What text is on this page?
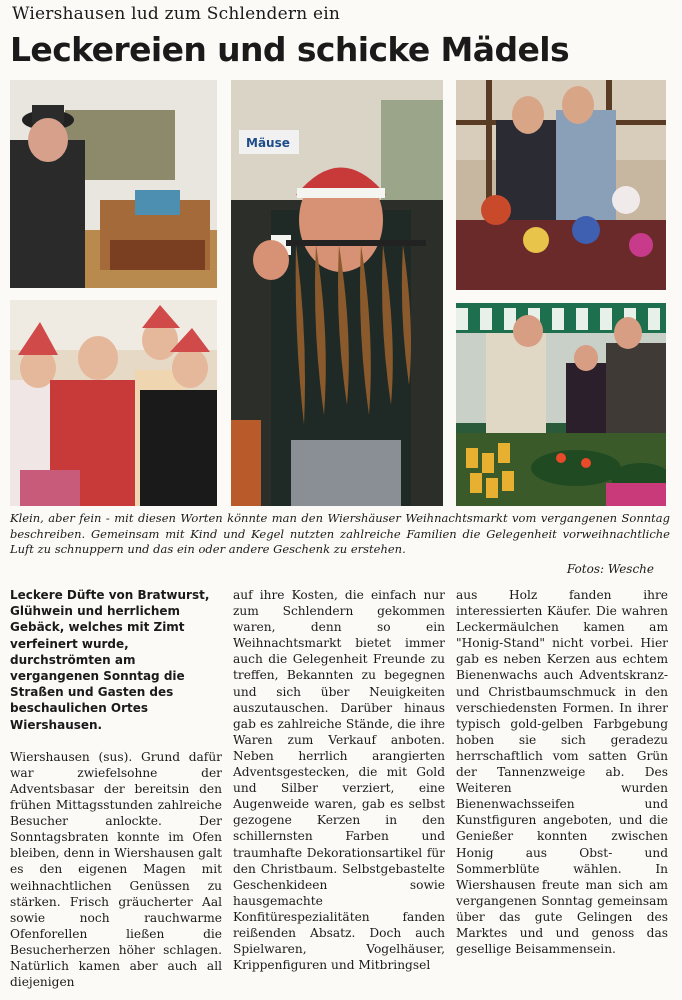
Wiershausen lud zum Schlendern ein
Leckereien und schicke Mädels
Mäuse
Klein, aber fein - mit diesen Worten könnte man den Wiershäuser Weihnachtsmarkt vom vergangenen Sonntag beschreiben. Gemeinsam mit Kind und Kegel nutzten zahlreiche Familien die Gelegenheit vorweihnachtliche Luft zu schnuppern und das ein oder andere Geschenk zu erstehen.
Fotos: Wesche

Leckere Düfte von Bratwurst, Glühwein und herrlichem Gebäck, welches mit Zimt verfeinert wurde, durchströmten am vergangenen Sonntag die Straßen und Gasten des beschaulichen Ortes Wiershausen.

Wiershausen (sus). Grund dafür war zwiefelsohne der Adventsbasar der bereitsin den frühen Mittagsstunden zahlreiche Besucher anlockte. Der Sonntagsbraten konnte im Ofen bleiben, denn in Wiershausen galt es den eigenen Magen mit weihnachtlichen Genüssen zu stärken. Frisch gräucherter Aal sowie noch rauchwarme Ofenforellen ließen die Besucherherzen höher schlagen. Natürlich kamen aber auch all diejenigen

auf ihre Kosten, die einfach nur zum Schlendern gekommen waren, denn so ein Weihnachtsmarkt bietet immer auch die Gelegenheit Freunde zu treffen, Bekannten zu begegnen und sich über Neuigkeiten auszutauschen. Darüber hinaus gab es zahlreiche Stände, die ihre Waren zum Verkauf anboten. Neben herrlich arangierten Adventsgestecken, die mit Gold und Silber verziert, eine Augenweide waren, gab es selbst gezogene Kerzen in den schillernsten Farben und traumhafte Dekorationsartikel für den Christbaum. Selbstgebastelte Geschenkideen sowie hausgemachte Konfitürespezialitäten fanden reißenden Absatz. Doch auch Spielwaren, Vogelhäuser, Krippenfiguren und Mitbringsel

aus Holz fanden ihre interessierten Käufer. Die wahren Leckermäulchen kamen am "Honig-Stand" nicht vorbei. Hier gab es neben Kerzen aus echtem Bienenwachs auch Adventskranz- und Christbaumschmuck in den verschiedensten Formen. In ihrer typisch gold-gelben Farbgebung hoben sie sich geradezu herrschaftlich vom satten Grün der Tannenzweige ab. Des Weiteren wurden Bienenwachsseifen und Kunstfiguren angeboten, und die Genießer konnten zwischen Honig aus Obst- und Sommerblüte wählen. In Wiershausen freute man sich am vergangenen Sonntag gemeinsam über das gute Gelingen des Marktes und und genoss das gesellige Beisammensein.
